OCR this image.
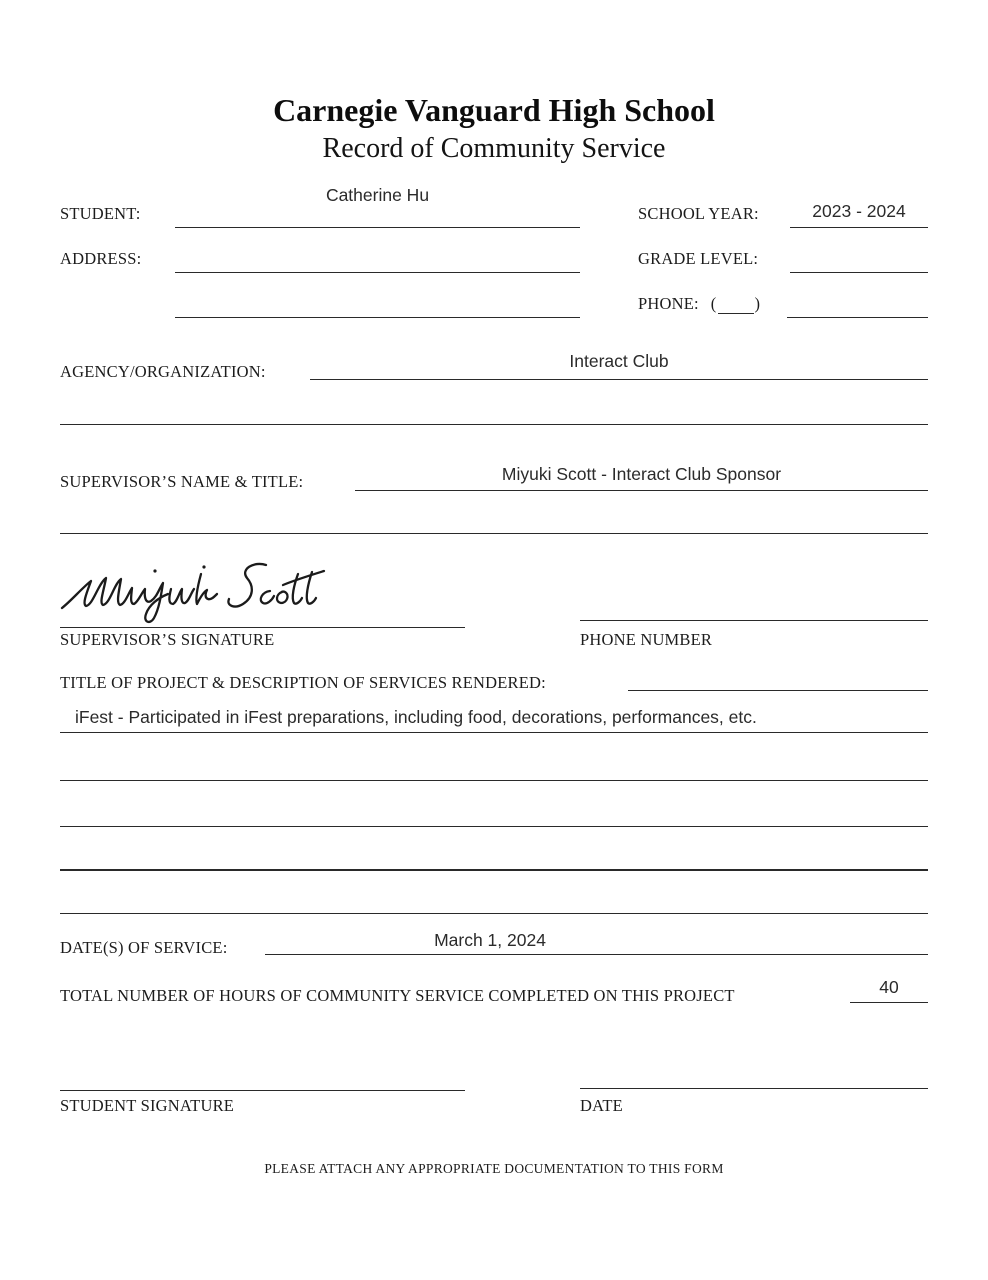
Carnegie Vanguard High School
Record of Community Service
STUDENT:
Catherine Hu
SCHOOL YEAR:	2023 - 2024
ADDRESS:	GRADE LEVEL:
PHONE: ( )
AGENCY/ORGANIZATION:
Interact Club
SUPERVISOR’S NAME & TITLE:	Miyuki Scott - Interact Club Sponsor
SUPERVISOR’S SIGNATURE	PHONE NUMBER
TITLE OF PROJECT & DESCRIPTION OF SERVICES RENDERED:
iFest - Participated in iFest preparations, including food, decorations, performances, etc.
DATE(S) OF SERVICE:	March 1, 2024
TOTAL NUMBER OF HOURS OF COMMUNITY SERVICE COMPLETED ON THIS PROJECT	40
STUDENT SIGNATURE	DATE
PLEASE ATTACH ANY APPROPRIATE DOCUMENTATION TO THIS FORM
